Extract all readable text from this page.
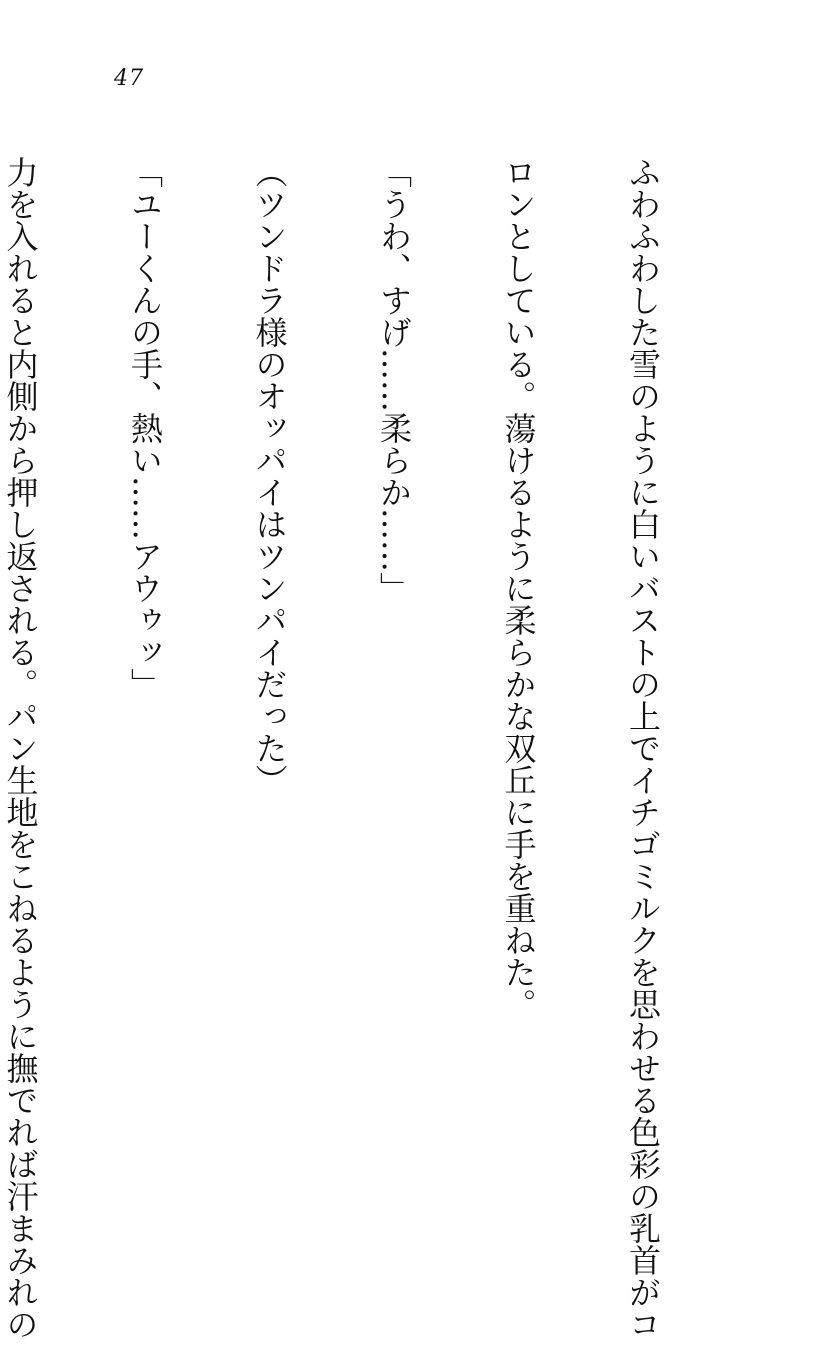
47

ふわふわした雪のように白いバストの上でイチゴミルクを思わせる色彩の乳首がコ

ロンとしている。蕩けるように柔らかな双丘に手を重ねた。

「うわ、すげ……柔らか……」

（ツンドラ様のオッパイはツンパイだった）

「ユーくんの手、熱い……アウゥッ」

力を入れると内側から押し返される。パン生地をこねるように撫でれば汗まみれの
